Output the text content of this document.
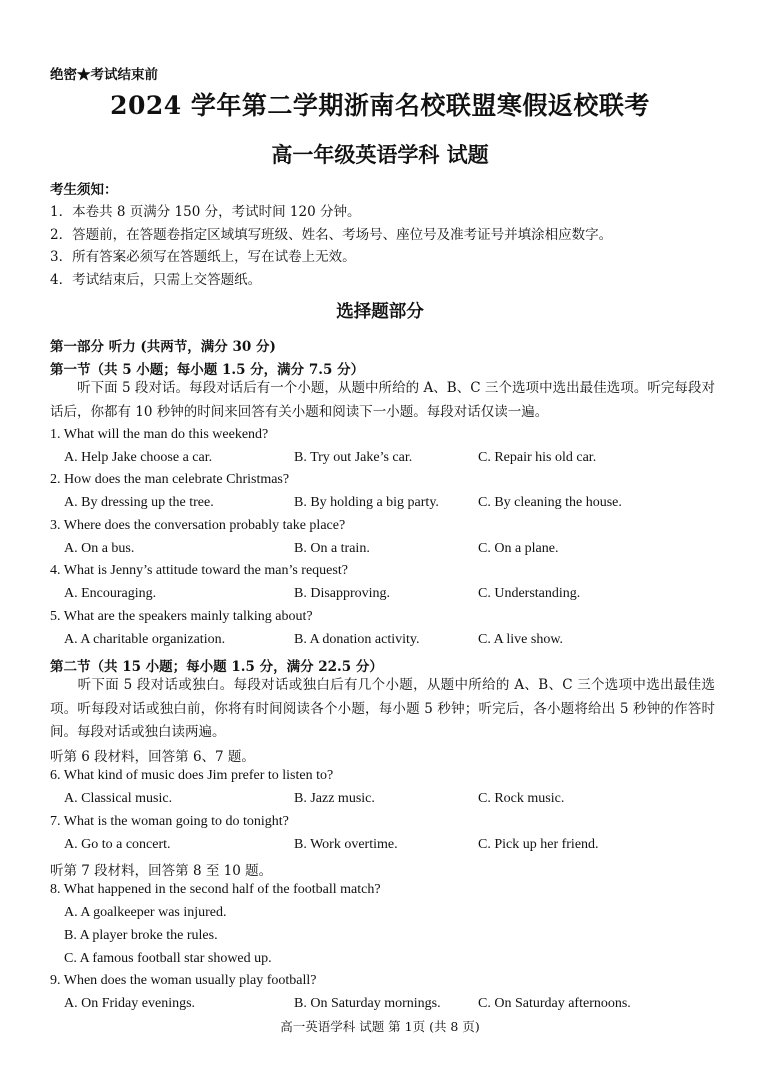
绝密★考试结束前
2024 学年第二学期浙南名校联盟寒假返校联考
高一年级英语学科 试题
考生须知：
1．本卷共 8 页满分 150 分，考试时间 120 分钟。
2．答题前，在答题卷指定区域填写班级、姓名、考场号、座位号及准考证号并填涂相应数字。
3．所有答案必须写在答题纸上，写在试卷上无效。
4．考试结束后，只需上交答题纸。
选择题部分
第一部分 听力 (共两节，满分 30 分)
第一节（共 5 小题；每小题 1.5 分，满分 7.5 分）
　　听下面 5 段对话。每段对话后有一个小题，从题中所给的 A、B、C 三个选项中选出最佳选项。听完每段对话后，你都有 10 秒钟的时间来回答有关小题和阅读下一小题。每段对话仅读一遍。
1. What will the man do this weekend?
A. Help Jake choose a car.	B. Try out Jake’s car.	C. Repair his old car.
2. How does the man celebrate Christmas?
A. By dressing up the tree.	B. By holding a big party.	C. By cleaning the house.
3. Where does the conversation probably take place?
A. On a bus.	B. On a train.	C. On a plane.
4. What is Jenny’s attitude toward the man’s request?
A. Encouraging.	B. Disapproving.	C. Understanding.
5. What are the speakers mainly talking about?
A. A charitable organization.	B. A donation activity.	C. A live show.
第二节（共 15 小题；每小题 1.5 分，满分 22.5 分）
　　听下面 5 段对话或独白。每段对话或独白后有几个小题，从题中所给的 A、B、C 三个选项中选出最佳选项。听每段对话或独白前，你将有时间阅读各个小题，每小题 5 秒钟；听完后，各小题将给出 5 秒钟的作答时间。每段对话或独白读两遍。
听第 6 段材料，回答第 6、7 题。
6. What kind of music does Jim prefer to listen to?
A. Classical music.	B. Jazz music.	C. Rock music.
7. What is the woman going to do tonight?
A. Go to a concert.	B. Work overtime.	C. Pick up her friend.
听第 7 段材料，回答第 8 至 10 题。
8. What happened in the second half of the football match?
A. A goalkeeper was injured.
B. A player broke the rules.
C. A famous football star showed up.
9. When does the woman usually play football?
A. On Friday evenings.	B. On Saturday mornings.	C. On Saturday afternoons.
高一英语学科 试题 第 1页 (共 8 页)
